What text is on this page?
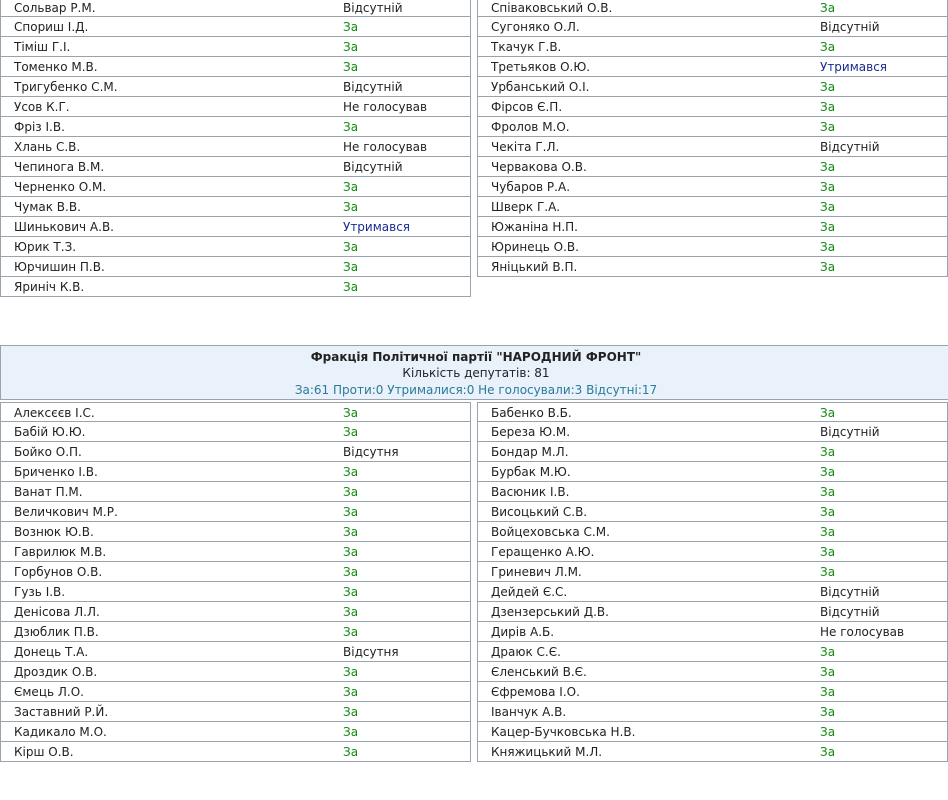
Сольвар Р.М.	Відсутній
Спориш І.Д.	За
Тіміш Г.І.	За
Томенко М.В.	За
Тригубенко С.М.	Відсутній
Усов К.Г.	Не голосував
Фріз І.В.	За
Хлань С.В.	Не голосував
Чепинога В.М.	Відсутній
Черненко О.М.	За
Чумак В.В.	За
Шинькович А.В.	Утримався
Юрик Т.З.	За
Юрчишин П.В.	За
Яриніч К.В.	За
Співаковський О.В.	За
Сугоняко О.Л.	Відсутній
Ткачук Г.В.	За
Третьяков О.Ю.	Утримався
Урбанський О.І.	За
Фірсов Є.П.	За
Фролов М.О.	За
Чекіта Г.Л.	Відсутній
Червакова О.В.	За
Чубаров Р.А.	За
Шверк Г.А.	За
Южаніна Н.П.	За
Юринець О.В.	За
Яніцький В.П.	За
Фракція Політичної партії "НАРОДНИЙ ФРОНТ"
Кількість депутатів: 81
За:61 Проти:0 Утрималися:0 Не голосували:3 Відсутні:17
Алексєєв І.С.	За
Бабій Ю.Ю.	За
Бойко О.П.	Відсутня
Бриченко І.В.	За
Ванат П.М.	За
Величкович М.Р.	За
Вознюк Ю.В.	За
Гаврилюк М.В.	За
Горбунов О.В.	За
Гузь І.В.	За
Денісова Л.Л.	За
Дзюблик П.В.	За
Донець Т.А.	Відсутня
Дроздик О.В.	За
Ємець Л.О.	За
Заставний Р.Й.	За
Кадикало М.О.	За
Кірш О.В.	За
Бабенко В.Б.	За
Береза Ю.М.	Відсутній
Бондар М.Л.	За
Бурбак М.Ю.	За
Васюник І.В.	За
Висоцький С.В.	За
Войцеховська С.М.	За
Геращенко А.Ю.	За
Гриневич Л.М.	За
Дейдей Є.С.	Відсутній
Дзензерський Д.В.	Відсутній
Дирів А.Б.	Не голосував
Драюк С.Є.	За
Єленський В.Є.	За
Єфремова І.О.	За
Іванчук А.В.	За
Кацер-Бучковська Н.В.	За
Княжицький М.Л.	За
